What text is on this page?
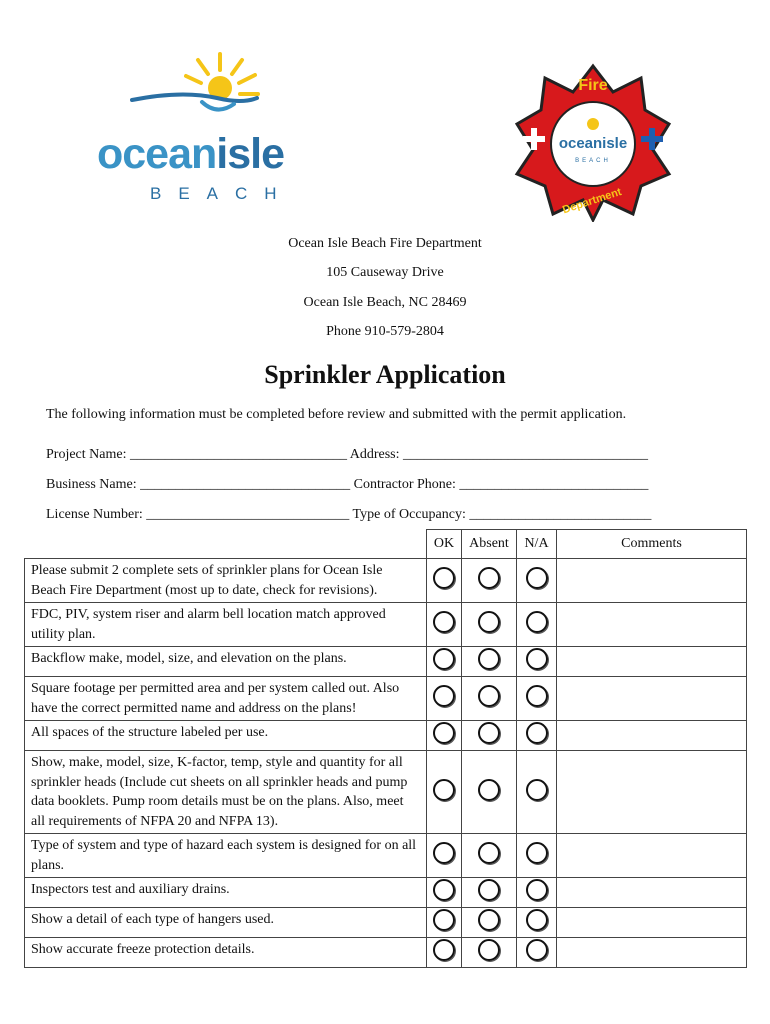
oceanisle
BEACH
Fire
Department
oceanisle
BEACH
Ocean Isle Beach Fire Department
105 Causeway Drive
Ocean Isle Beach, NC 28469
Phone 910-579-2804
Sprinkler Application
The following information must be completed before review and submitted with the permit application.
Project Name: _______________________________ Address: ___________________________________
Business Name: ______________________________ Contractor Phone: ___________________________
License Number: _____________________________ Type of Occupancy: __________________________
	OK	Absent	N/A	Comments
Please submit 2 complete sets of sprinkler plans for Ocean Isle Beach Fire Department (most up to date, check for revisions).				
FDC, PIV, system riser and alarm bell location match approved utility plan.				
Backflow make, model, size, and elevation on the plans.				
Square footage per permitted area and per system called out. Also have the correct permitted name and address on the plans!				
All spaces of the structure labeled per use.				
Show, make, model, size, K-factor, temp, style and quantity for all sprinkler heads (Include cut sheets on all sprinkler heads and pump data booklets. Pump room details must be on the plans. Also, meet all requirements of NFPA 20 and NFPA 13).				
Type of system and type of hazard each system is designed for on all plans.				
Inspectors test and auxiliary drains.				
Show a detail of each type of hangers used.				
Show accurate freeze protection details.				
